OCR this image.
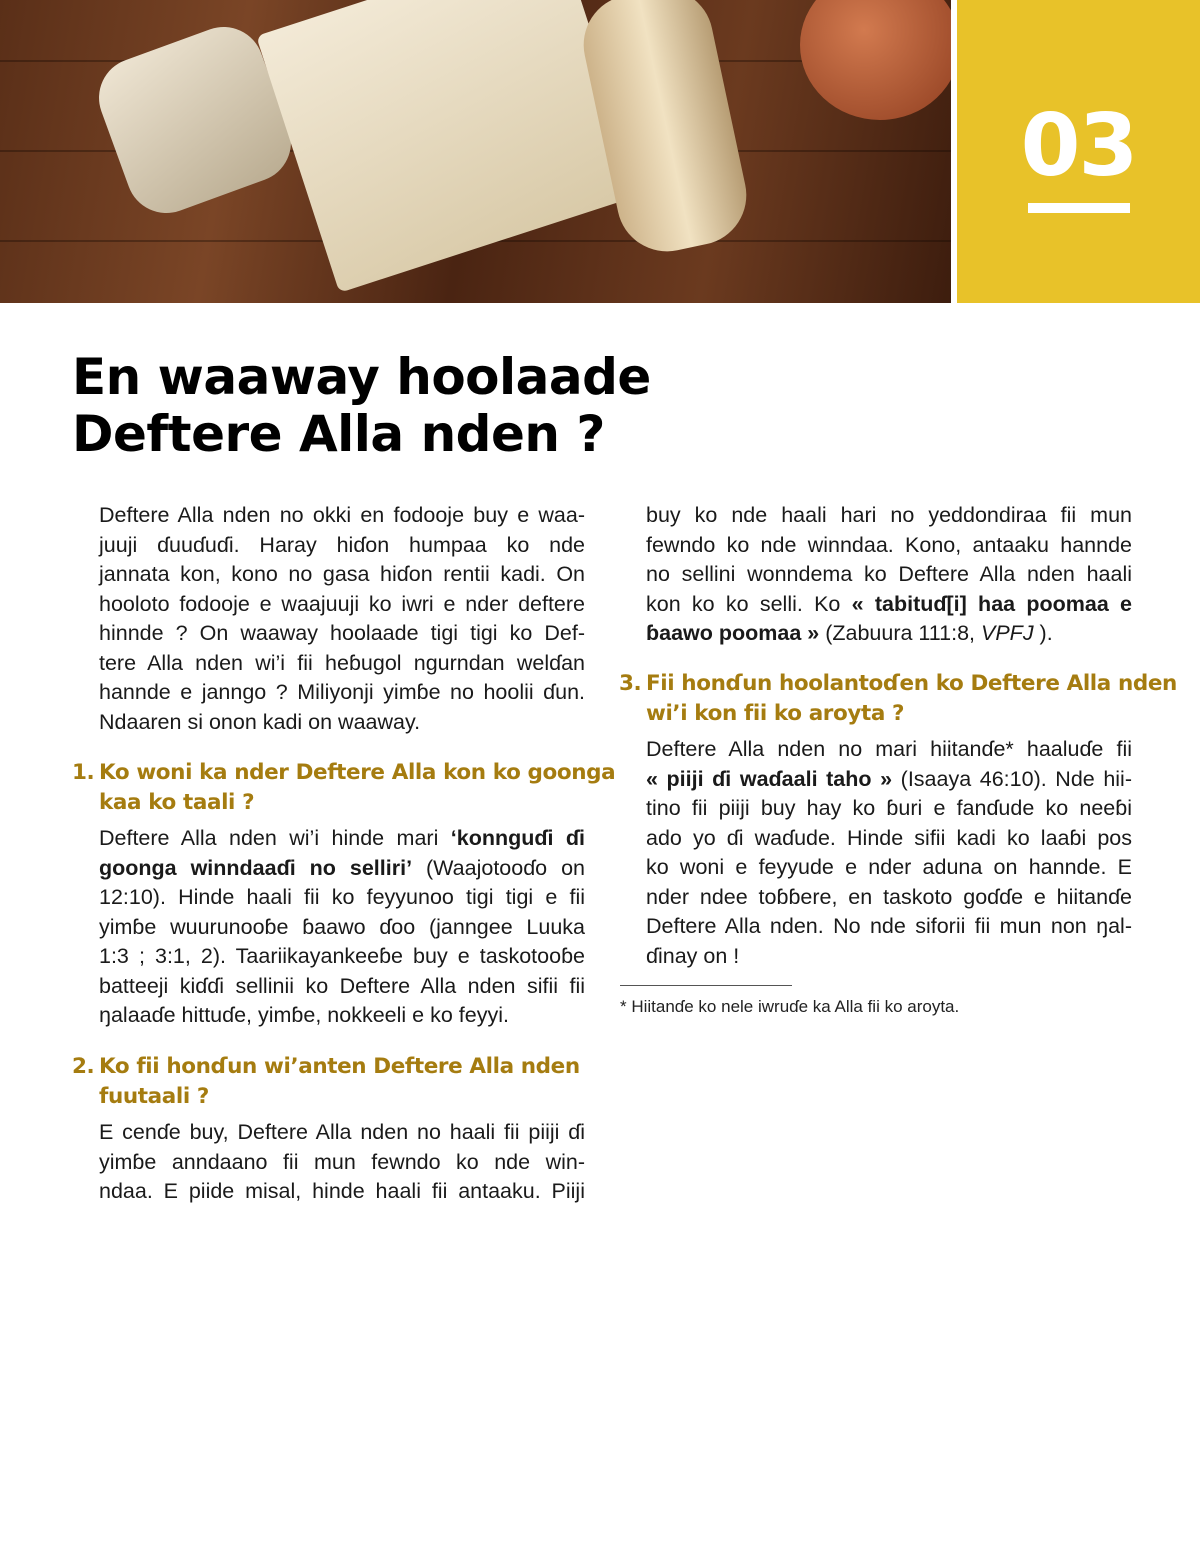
03
En waaway hoolaade
Deftere Alla nden ?
Deftere Alla nden no okki en fodooje buy e waa-
juuji ɗuuɗuɗi. Haray hiɗon humpaa ko nde
jannata kon, kono no gasa hiɗon rentii kadi. On
hooloto fodooje e waajuuji ko iwri e nder deftere
hinnde ? On waaway hoolaade tigi tigi ko Def-
tere Alla nden wi’i fii heɓugol ngurndan welɗan
hannde e janngo ? Miliyonji yimɓe no hoolii ɗun.
Ndaaren si onon kadi on waaway.
1. Ko woni ka nder Deftere Alla kon ko goonga
kaa ko taali ?
Deftere Alla nden wi’i hinde mari ‘konnguɗi ɗi
goonga winndaaɗi no selliri’ (Waajotooɗo on
12:10). Hinde haali fii ko feyyunoo tigi tigi e fii
yimɓe wuurunooɓe ɓaawo ɗoo (janngee Luuka
1:3 ; 3:1, 2). Taariikayankeeɓe buy e taskotooɓe
batteeji kiɗɗi sellinii ko Deftere Alla nden sifii fii
ŋalaaɗe hittuɗe, yimɓe, nokkeeli e ko feyyi.
2. Ko fii honɗun wi’anten Deftere Alla nden
fuutaali ?
E cenɗe buy, Deftere Alla nden no haali fii piiji ɗi
yimɓe anndaano fii mun fewndo ko nde win-
ndaa. E piide misal, hinde haali fii antaaku. Piiji
buy ko nde haali hari no yeddondiraa fii mun
fewndo ko nde winndaa. Kono, antaaku hannde
no sellini wonndema ko Deftere Alla nden haali
kon ko ko selli. Ko « tabituɗ[i] haa poomaa e
ɓaawo poomaa » (Zabuura 111:8, VPFJ ).
3. Fii honɗun hoolantoɗen ko Deftere Alla nden
wi’i kon fii ko aroyta ?
Deftere Alla nden no mari hiitanɗe* haaluɗe fii
« piiji ɗi waɗaali taho » (Isaaya 46:10). Nde hii-
tino fii piiji buy hay ko ɓuri e fanɗude ko neeɓi
ado yo ɗi waɗude. Hinde sifii kadi ko laaɓi pos
ko woni e feyyude e nder aduna on hannde. E
nder ndee toɓɓere, en taskoto goɗɗe e hiitanɗe
Deftere Alla nden. No nde siforii fii mun non ŋal-
ɗinay on !
* Hiitanɗe ko nele iwruɗe ka Alla fii ko aroyta.
